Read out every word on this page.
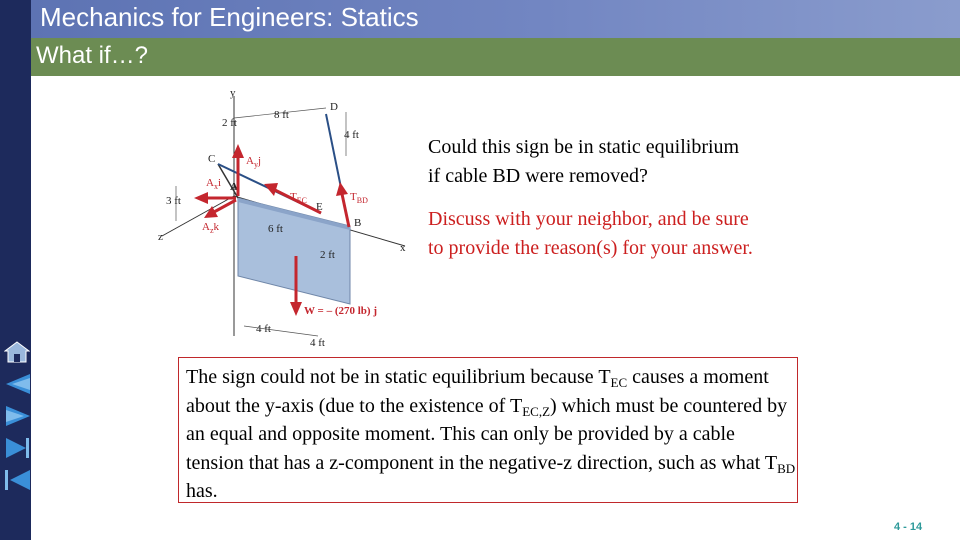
Mechanics for Engineers: Statics
What if…?
y
x
z
C
D
A
B
E
2 ft
8 ft
4 ft
3 ft
6 ft
2 ft
4 ft
4 ft
$A_yj$
$A_xi$
$A_zk$
$T_{EC}$	$T_{BD}$
W = – (270 lb) j
Could this sign be in static equilibrium
if cable BD were removed?
Discuss with your neighbor, and be sure
to provide the reason(s) for your answer.
The sign could not be in static equilibrium because $T_{EC}$ causes a moment about the y-axis (due to the existence of $T_{EC,Z}$) which must be countered by an equal and opposite moment. This can only be provided by a cable tension that has a z-component in the negative-z direction, such as what $T_{BD}$ has.
4 - 14
